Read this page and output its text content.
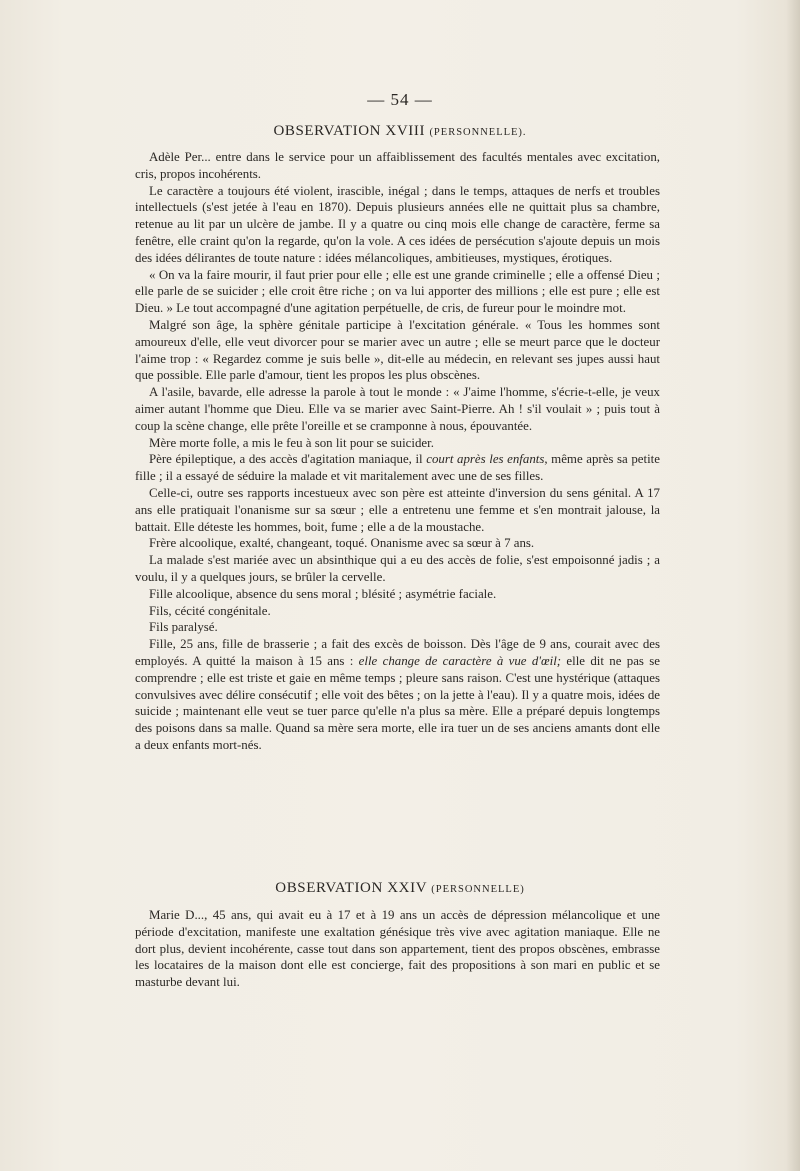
— 54 —
OBSERVATION XVIII (PERSONNELLE).

Adèle Per... entre dans le service pour un affaiblissement des facultés mentales avec excitation, cris, propos incohérents.

Le caractère a toujours été violent, irascible, inégal ; dans le temps, attaques de nerfs et troubles intellectuels (s'est jetée à l'eau en 1870). Depuis plusieurs années elle ne quittait plus sa chambre, retenue au lit par un ulcère de jambe. Il y a quatre ou cinq mois elle change de caractère, ferme sa fenêtre, elle craint qu'on la regarde, qu'on la vole. A ces idées de persécution s'ajoute depuis un mois des idées délirantes de toute nature : idées mélancoliques, ambitieuses, mystiques, érotiques.

« On va la faire mourir, il faut prier pour elle ; elle est une grande criminelle ; elle a offensé Dieu ; elle parle de se suicider ; elle croit être riche ; on va lui apporter des millions ; elle est pure ; elle est Dieu. » Le tout accompagné d'une agitation perpétuelle, de cris, de fureur pour le moindre mot.

Malgré son âge, la sphère génitale participe à l'excitation générale. « Tous les hommes sont amoureux d'elle, elle veut divorcer pour se marier avec un autre ; elle se meurt parce que le docteur l'aime trop : « Regardez comme je suis belle », dit-elle au médecin, en relevant ses jupes aussi haut que possible. Elle parle d'amour, tient les propos les plus obscènes.

A l'asile, bavarde, elle adresse la parole à tout le monde : « J'aime l'homme, s'écrie-t-elle, je veux aimer autant l'homme que Dieu. Elle va se marier avec Saint-Pierre. Ah ! s'il voulait » ; puis tout à coup la scène change, elle prête l'oreille et se cramponne à nous, épouvantée.

Mère morte folle, a mis le feu à son lit pour se suicider.

Père épileptique, a des accès d'agitation maniaque, il court après les enfants, même après sa petite fille ; il a essayé de séduire la malade et vit maritalement avec une de ses filles.

Celle-ci, outre ses rapports incestueux avec son père est atteinte d'inversion du sens génital. A 17 ans elle pratiquait l'onanisme sur sa sœur ; elle a entretenu une femme et s'en montrait jalouse, la battait. Elle déteste les hommes, boit, fume ; elle a de la moustache.

Frère alcoolique, exalté, changeant, toqué. Onanisme avec sa sœur à 7 ans.

La malade s'est mariée avec un absinthique qui a eu des accès de folie, s'est empoisonné jadis ; a voulu, il y a quelques jours, se brûler la cervelle.

Fille alcoolique, absence du sens moral ; blésité ; asymétrie faciale.

Fils, cécité congénitale.

Fils paralysé.

Fille, 25 ans, fille de brasserie ; a fait des excès de boisson. Dès l'âge de 9 ans, courait avec des employés. A quitté la maison à 15 ans : elle change de caractère à vue d'œil; elle dit ne pas se comprendre ; elle est triste et gaie en même temps ; pleure sans raison. C'est une hystérique (attaques convulsives avec délire consécutif ; elle voit des bêtes ; on la jette à l'eau). Il y a quatre mois, idées de suicide ; maintenant elle veut se tuer parce qu'elle n'a plus sa mère. Elle a préparé depuis longtemps des poisons dans sa malle. Quand sa mère sera morte, elle ira tuer un de ses anciens amants dont elle a deux enfants mort-nés.

OBSERVATION XXIV (PERSONNELLE)

Marie D..., 45 ans, qui avait eu à 17 et à 19 ans un accès de dépression mélancolique et une période d'excitation, manifeste une exaltation génésique très vive avec agitation maniaque. Elle ne dort plus, devient incohérente, casse tout dans son appartement, tient des propos obscènes, embrasse les locataires de la maison dont elle est concierge, fait des propositions à son mari en public et se masturbe devant lui.
